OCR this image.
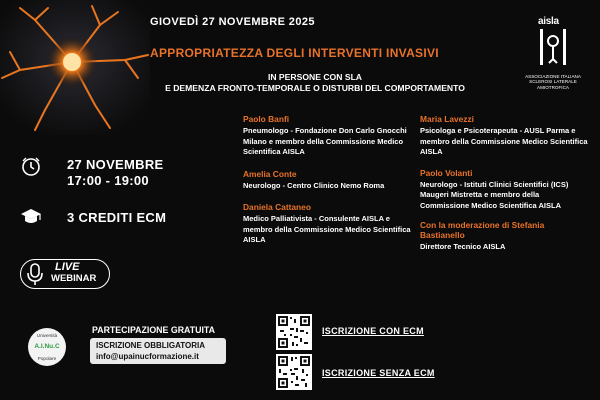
GIOVEDÌ 27 NOVEMBRE 2025
APPROPRIATEZZA DEGLI INTERVENTI INVASIVI
IN PERSONE CON SLA
E DEMENZA FRONTO-TEMPORALE O DISTURBI DEL COMPORTAMENTO
aisla
ASSOCIAZIONE ITALIANA
SCLEROSI LATERALE AMIOTROFICA
27 NOVEMBRE
17:00 - 19:00
3 CREDITI ECM
LIVE
WEBINAR
Paolo Banfi
Pneumologo - Fondazione Don Carlo Gnocchi Milano e membro della Commissione Medico Scientifica AISLA
Amelia Conte
Neurologo - Centro Clinico Nemo Roma
Daniela Cattaneo
Medico Palliativista - Consulente AISLA e membro della Commissione Medico Scientifica AISLA
Maria Lavezzi
Psicologa e Psicoterapeuta - AUSL Parma e membro della Commissione Medico Scientifica AISLA
Paolo Volanti
Neurologo - Istituti Clinici Scientifici (ICS) Maugeri Mistretta e membro della Commissione Medico Scientifica AISLA
Con la moderazione di Stefania Bastianello
Direttore Tecnico AISLA
Università
A.I.Nu.C
Popolare
PARTECIPAZIONE GRATUITA
ISCRIZIONE OBBLIGATORIA
info@upainucformazione.it
ISCRIZIONE CON ECM
ISCRIZIONE SENZA ECM
